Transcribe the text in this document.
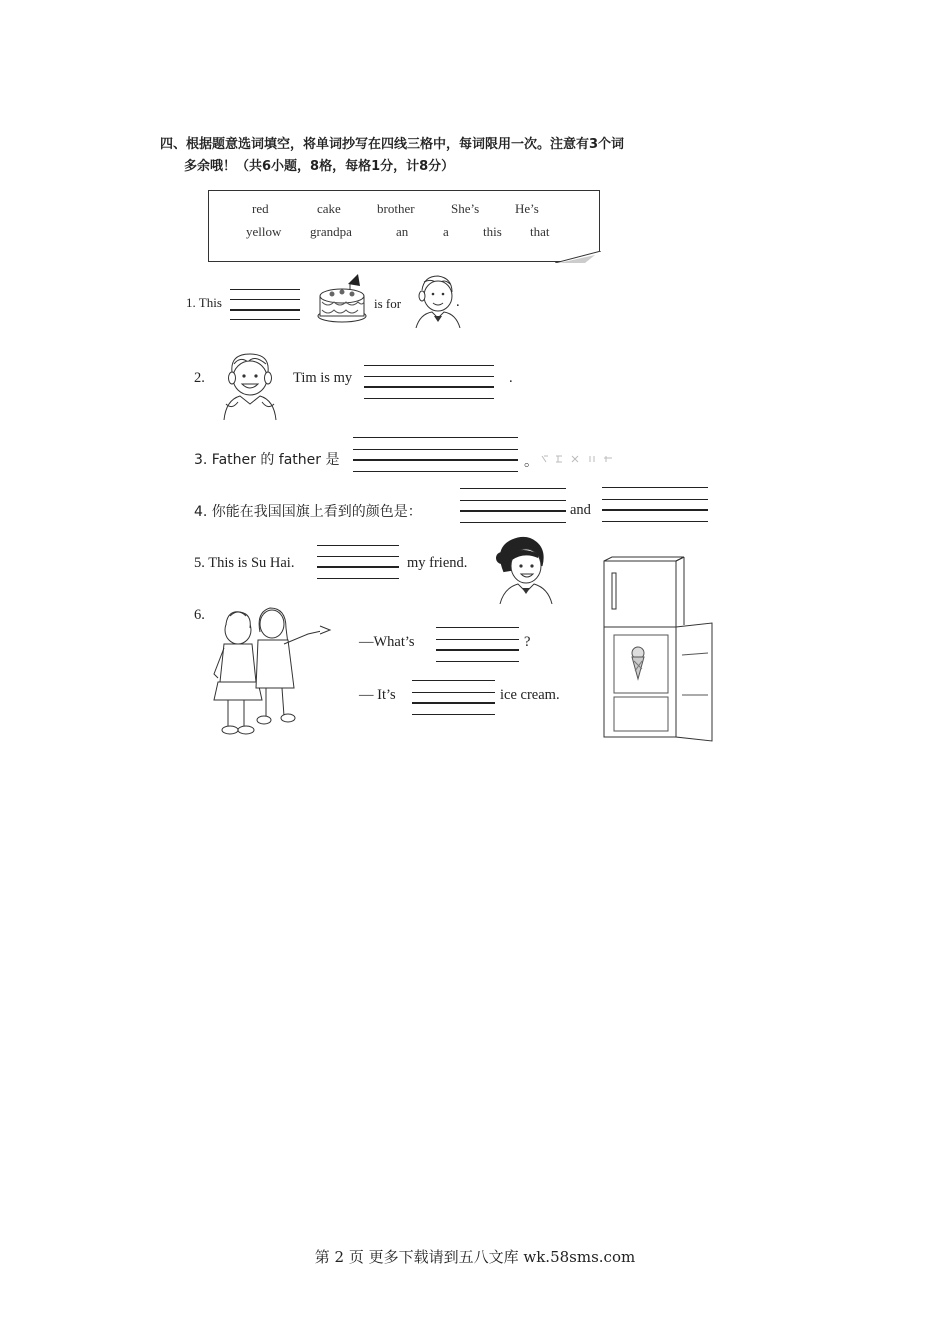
四、根据题意选词填空，将单词抄写在四线三格中，每词限用一次。注意有3个词
多余哦！（共6小题，8格，每格1分，计8分）
red	cake	brother	She’s	He’s
yellow grandpa	an	a	this that
1. This	is for	.
2.	Tim is my	.
3. Father 的 father 是	。
4. 你能在我国国旗上看到的颜色是：	and
5. This is Su Hai.	my friend.
6.
—What’s	?
— It’s	ice cream.
第 2 页 更多下载请到五八文库 wk.58sms.com
